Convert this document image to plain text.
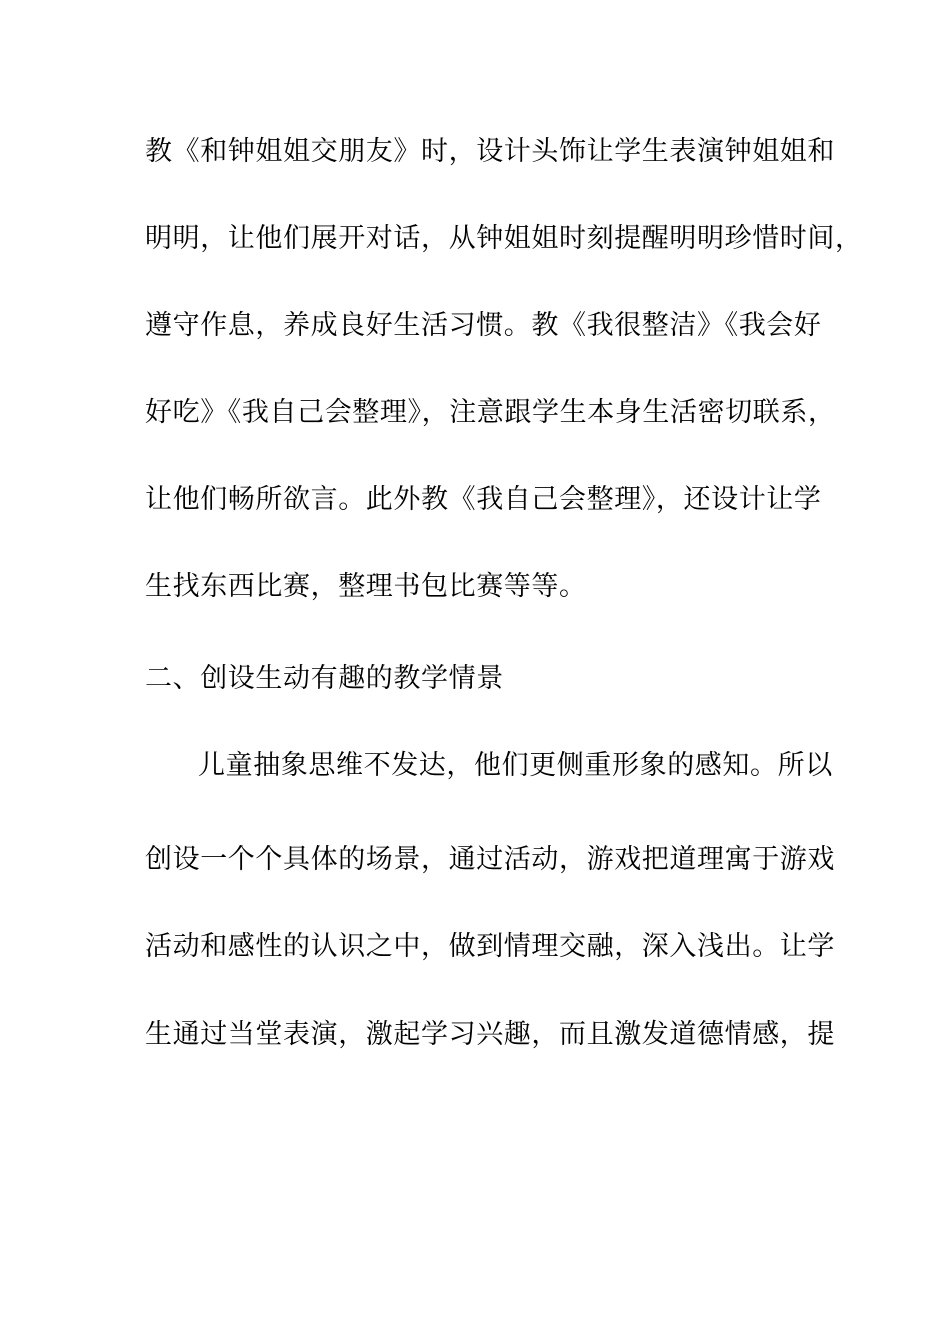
教《和钟姐姐交朋友》时，设计头饰让学生表演钟姐姐和
明明，让他们展开对话，从钟姐姐时刻提醒明明珍惜时间，
遵守作息，养成良好生活习惯。教《我很整洁》《我会好
好吃》《我自己会整理》，注意跟学生本身生活密切联系，
让他们畅所欲言。此外教《我自己会整理》，还设计让学
生找东西比赛，整理书包比赛等等。
二、创设生动有趣的教学情景
儿童抽象思维不发达，他们更侧重形象的感知。所以
创设一个个具体的场景，通过活动，游戏把道理寓于游戏
活动和感性的认识之中，做到情理交融，深入浅出。让学
生通过当堂表演，激起学习兴趣，而且激发道德情感，提
